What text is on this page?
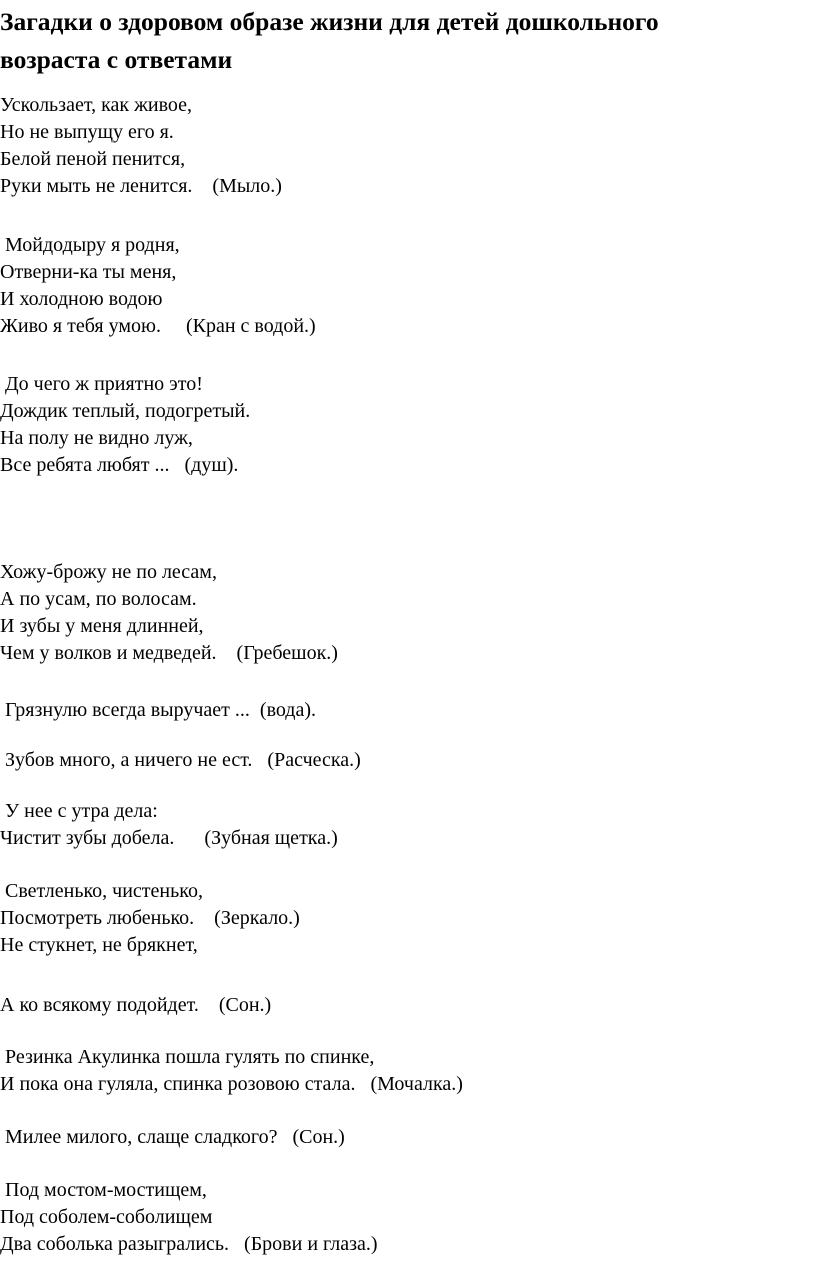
Загадки о здоровом образе жизни для детей дошкольного
возраста с ответами
Ускользает, как живое,
Но не выпущу его я.
Белой пеной пенится,
Руки мыть не ленится.    (Мыло.)
Мойдодыру я родня,
Отверни-ка ты меня,
И холодною водою
Живо я тебя умою.     (Кран с водой.)
До чего ж приятно это!
Дождик теплый, подогретый.
На полу не видно луж,
Все ребята любят ...   (душ).
Хожу-брожу не по лесам,
А по усам, по волосам.
И зубы у меня длинней,
Чем у волков и медведей.    (Гребешок.)
Грязнулю всегда выручает ...  (вода).
Зубов много, а ничего не ест.   (Расческа.)
У нее с утра дела:
Чистит зубы добела.      (Зубная щетка.)
Светленько, чистенько,
Посмотреть любенько.    (Зеркало.)
Не стукнет, не брякнет,
А ко всякому подойдет.    (Сон.)
Резинка Акулинка пошла гулять по спинке,
И пока она гуляла, спинка розовою стала.   (Мочалка.)
Милее милого, слаще сладкого?   (Сон.)
Под мостом-мостищем,
Под соболем-соболищем
Два соболька разыгрались.   (Брови и глаза.)
